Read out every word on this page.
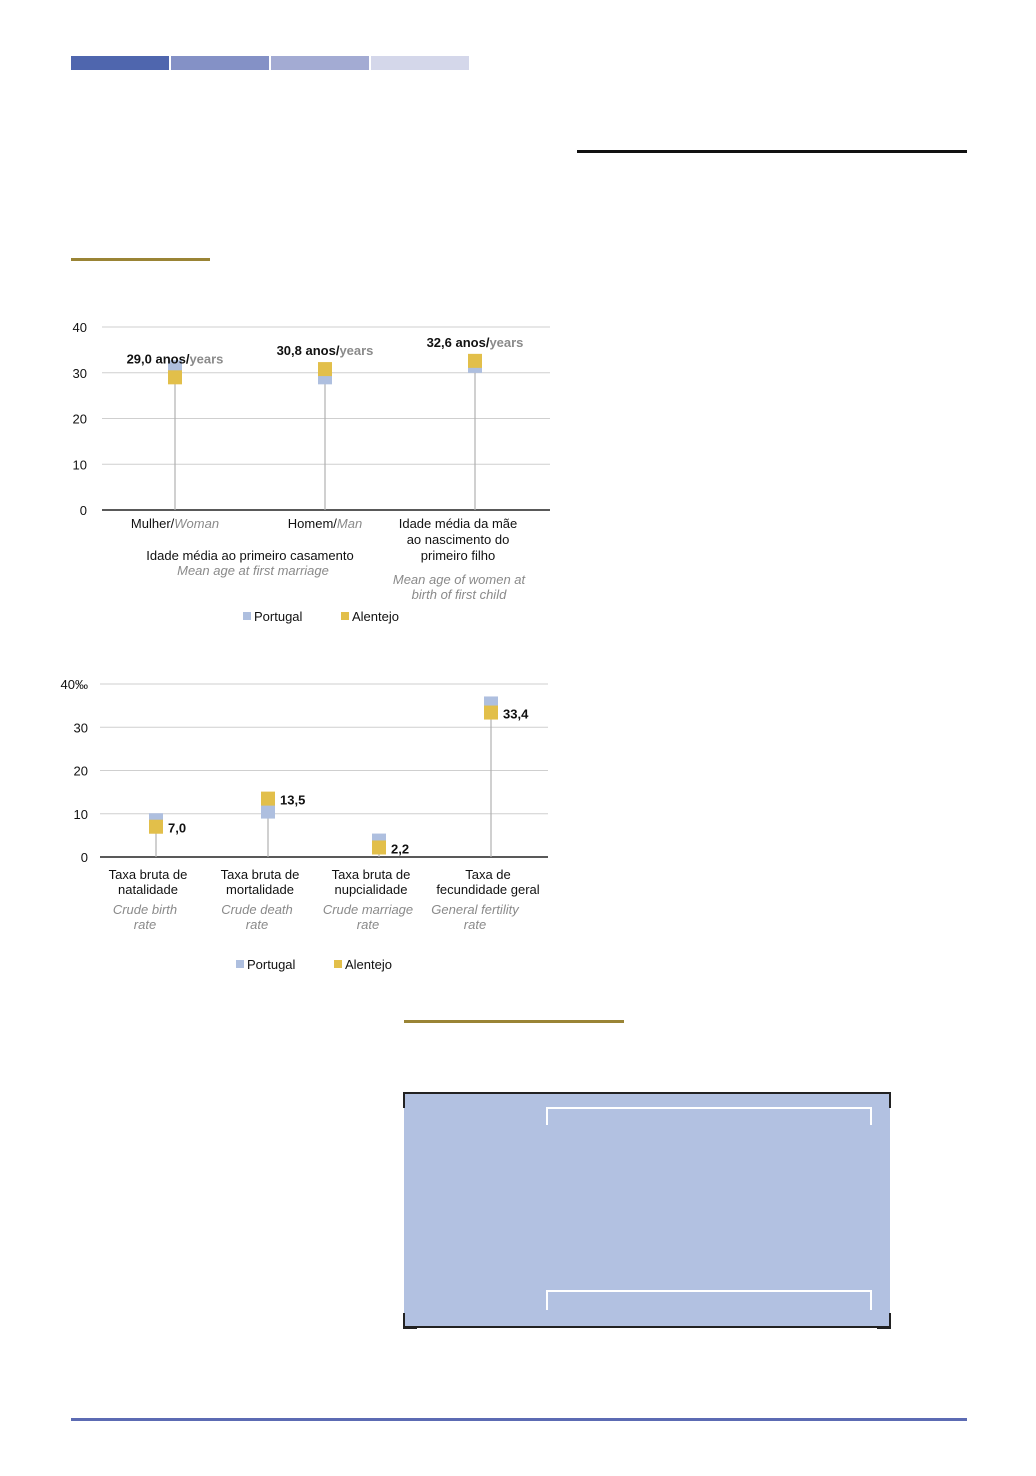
0
10
20
30
40
29,0 anos/years
30,8 anos/years
32,6 anos/years
Mulher/Woman	Homem/Man
Idade média ao primeiro casamento
Mean age at first marriage
Idade média da mãe
ao nascimento do
primeiro filho
Mean age of women at
birth of first child
Portugal	Alentejo
0
10
20
30
40‰
7,0
13,5
2,2
33,4
Taxa bruta de
natalidade
Crude birth
rate
Taxa bruta de
mortalidade
Crude death
rate
Taxa bruta de
nupcialidade
Crude marriage
rate
Taxa de
fecundidade geral
General fertility
rate
Portugal	Alentejo
